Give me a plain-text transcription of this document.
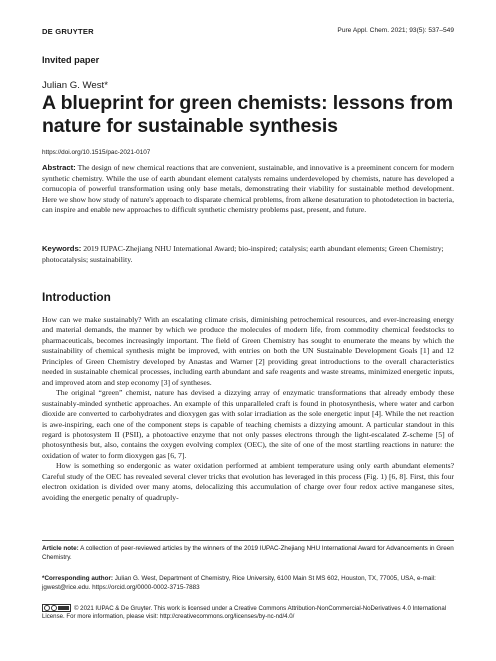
DE GRUYTER	Pure Appl. Chem. 2021; 93(5): 537–549
Invited paper
Julian G. West*
A blueprint for green chemists: lessons from nature for sustainable synthesis
https://doi.org/10.1515/pac-2021-0107
Abstract: The design of new chemical reactions that are convenient, sustainable, and innovative is a preeminent concern for modern synthetic chemistry. While the use of earth abundant element catalysts remains underdeveloped by chemists, nature has developed a cornucopia of powerful transformation using only base metals, demonstrating their viability for sustainable method development. Here we show how study of nature's approach to disparate chemical problems, from alkene desaturation to photodetection in bacteria, can inspire and enable new approaches to difficult synthetic chemistry problems past, present, and future.
Keywords: 2019 IUPAC-Zhejiang NHU International Award; bio-inspired; catalysis; earth abundant elements; Green Chemistry; photocatalysis; sustainability.
Introduction

How can we make sustainably? With an escalating climate crisis, diminishing petrochemical resources, and ever-increasing energy and material demands, the manner by which we produce the molecules of modern life, from commodity chemical feedstocks to pharmaceuticals, becomes increasingly important. The field of Green Chemistry has sought to enumerate the means by which the sustainability of chemical synthesis might be improved, with entries on both the UN Sustainable Development Goals [1] and 12 Principles of Green Chemistry developed by Anastas and Warner [2] providing great introductions to the overall characteristics needed in sustainable chemical processes, including earth abundant and safe reagents and waste streams, minimized energetic inputs, and improved atom and step economy [3] of syntheses.

The original “green” chemist, nature has devised a dizzying array of enzymatic transformations that already embody these sustainably-minded synthetic approaches. An example of this unparalleled craft is found in photosynthesis, where water and carbon dioxide are converted to carbohydrates and dioxygen gas with solar irradiation as the sole energetic input [4]. While the net reaction is awe-inspiring, each one of the component steps is capable of teaching chemists a dizzying amount. A particular standout in this regard is photosystem II (PSII), a photoactive enzyme that not only passes electrons through the light-escalated Z-scheme [5] of photosynthesis but, also, contains the oxygen evolving complex (OEC), the site of one of the most startling reactions in nature: the oxidation of water to form dioxygen gas [6, 7].

How is something so endergonic as water oxidation performed at ambient temperature using only earth abundant elements? Careful study of the OEC has revealed several clever tricks that evolution has leveraged in this process (Fig. 1) [6, 8]. First, this four electron oxidation is divided over many atoms, delocalizing this accumulation of charge over four redox active manganese sites, avoiding the energetic penalty of quadruply-

Article note: A collection of peer-reviewed articles by the winners of the 2019 IUPAC-Zhejiang NHU International Award for Advancements in Green Chemistry.
*Corresponding author: Julian G. West, Department of Chemistry, Rice University, 6100 Main St MS 602, Houston, TX, 77005, USA, e-mail: jgwest@rice.edu. https://orcid.org/0000-0002-3715-7883
© 2021 IUPAC & De Gruyter. This work is licensed under a Creative Commons Attribution-NonCommercial-NoDerivatives 4.0 International License. For more information, please visit: http://creativecommons.org/licenses/by-nc-nd/4.0/
